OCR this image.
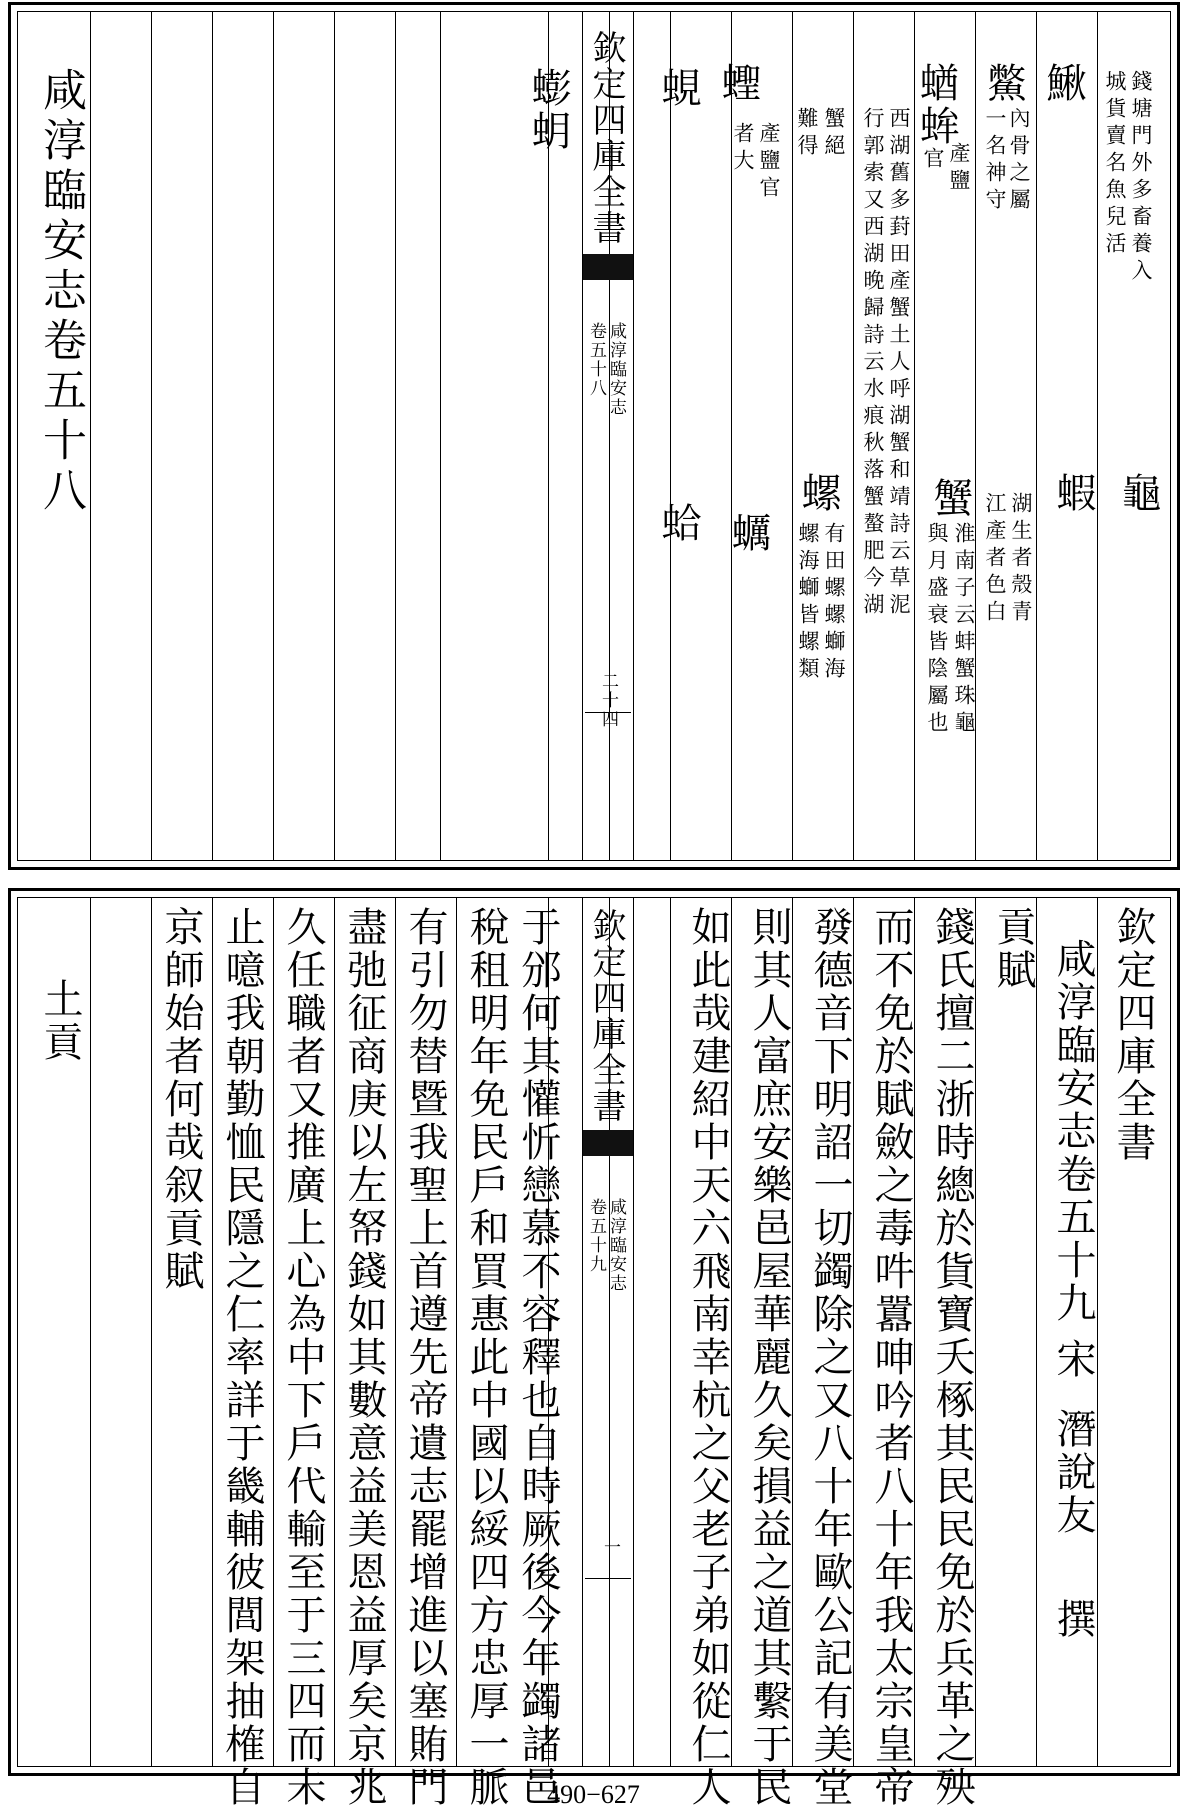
欽定四庫全書
卷五十八 咸淳臨安志
二十四
錢塘門外多畜養入
城貨賣名魚兒活
鰍
龜
鱉
內骨之屬
一名神守
蝦
湖生者殼青
江產者色白
蝤蛑
產鹽
官
蟹
淮南子云蚌蟹珠龜
與月盛衰皆陰屬也
西湖舊多葑田產蟹土人呼湖蟹和靖詩云草泥
行郭索又西湖晚歸詩云水痕秋落蟹螯肥今湖
蟹絕
難得
螺
有田螺螺螄海
螺海螄皆螺類
蟶
產鹽官
者大
蠣
蜆
蛤
蟛蚏
咸淳臨安志卷五十八
欽定四庫全書
卷五十九 咸淳臨安志
一
欽定四庫全書
咸淳臨安志卷五十九
宋
潛說友
撰
貢賦
錢氏擅二浙時總於貨寶夭椓其民民免於兵革之殃
而不免於賦斂之毒吽囂呻吟者八十年我太宗皇帝
發德音下明詔一切蠲除之又八十年歐公記有美堂
則其人富庶安樂邑屋華麗久矣損益之道其繫于民
如此哉建紹中天六飛南幸杭之父老子弟如從仁人
于邠何其懽忻戀慕不容釋也自時厥後今年蠲諸邑
稅租明年免民戶和買惠此中國以綏四方忠厚一脈
有引勿替暨我聖上首遵先帝遺志罷增進以塞賄門
盡弛征商庚以左帑錢如其數意益美恩益厚矣京兆
久任職者又推廣上心為中下戶代輸至于三四而未
止噫我朝勤恤民隱之仁率詳于畿輔彼閭架抽榷自
京師始者何哉叙貢賦
土貢
490−627
